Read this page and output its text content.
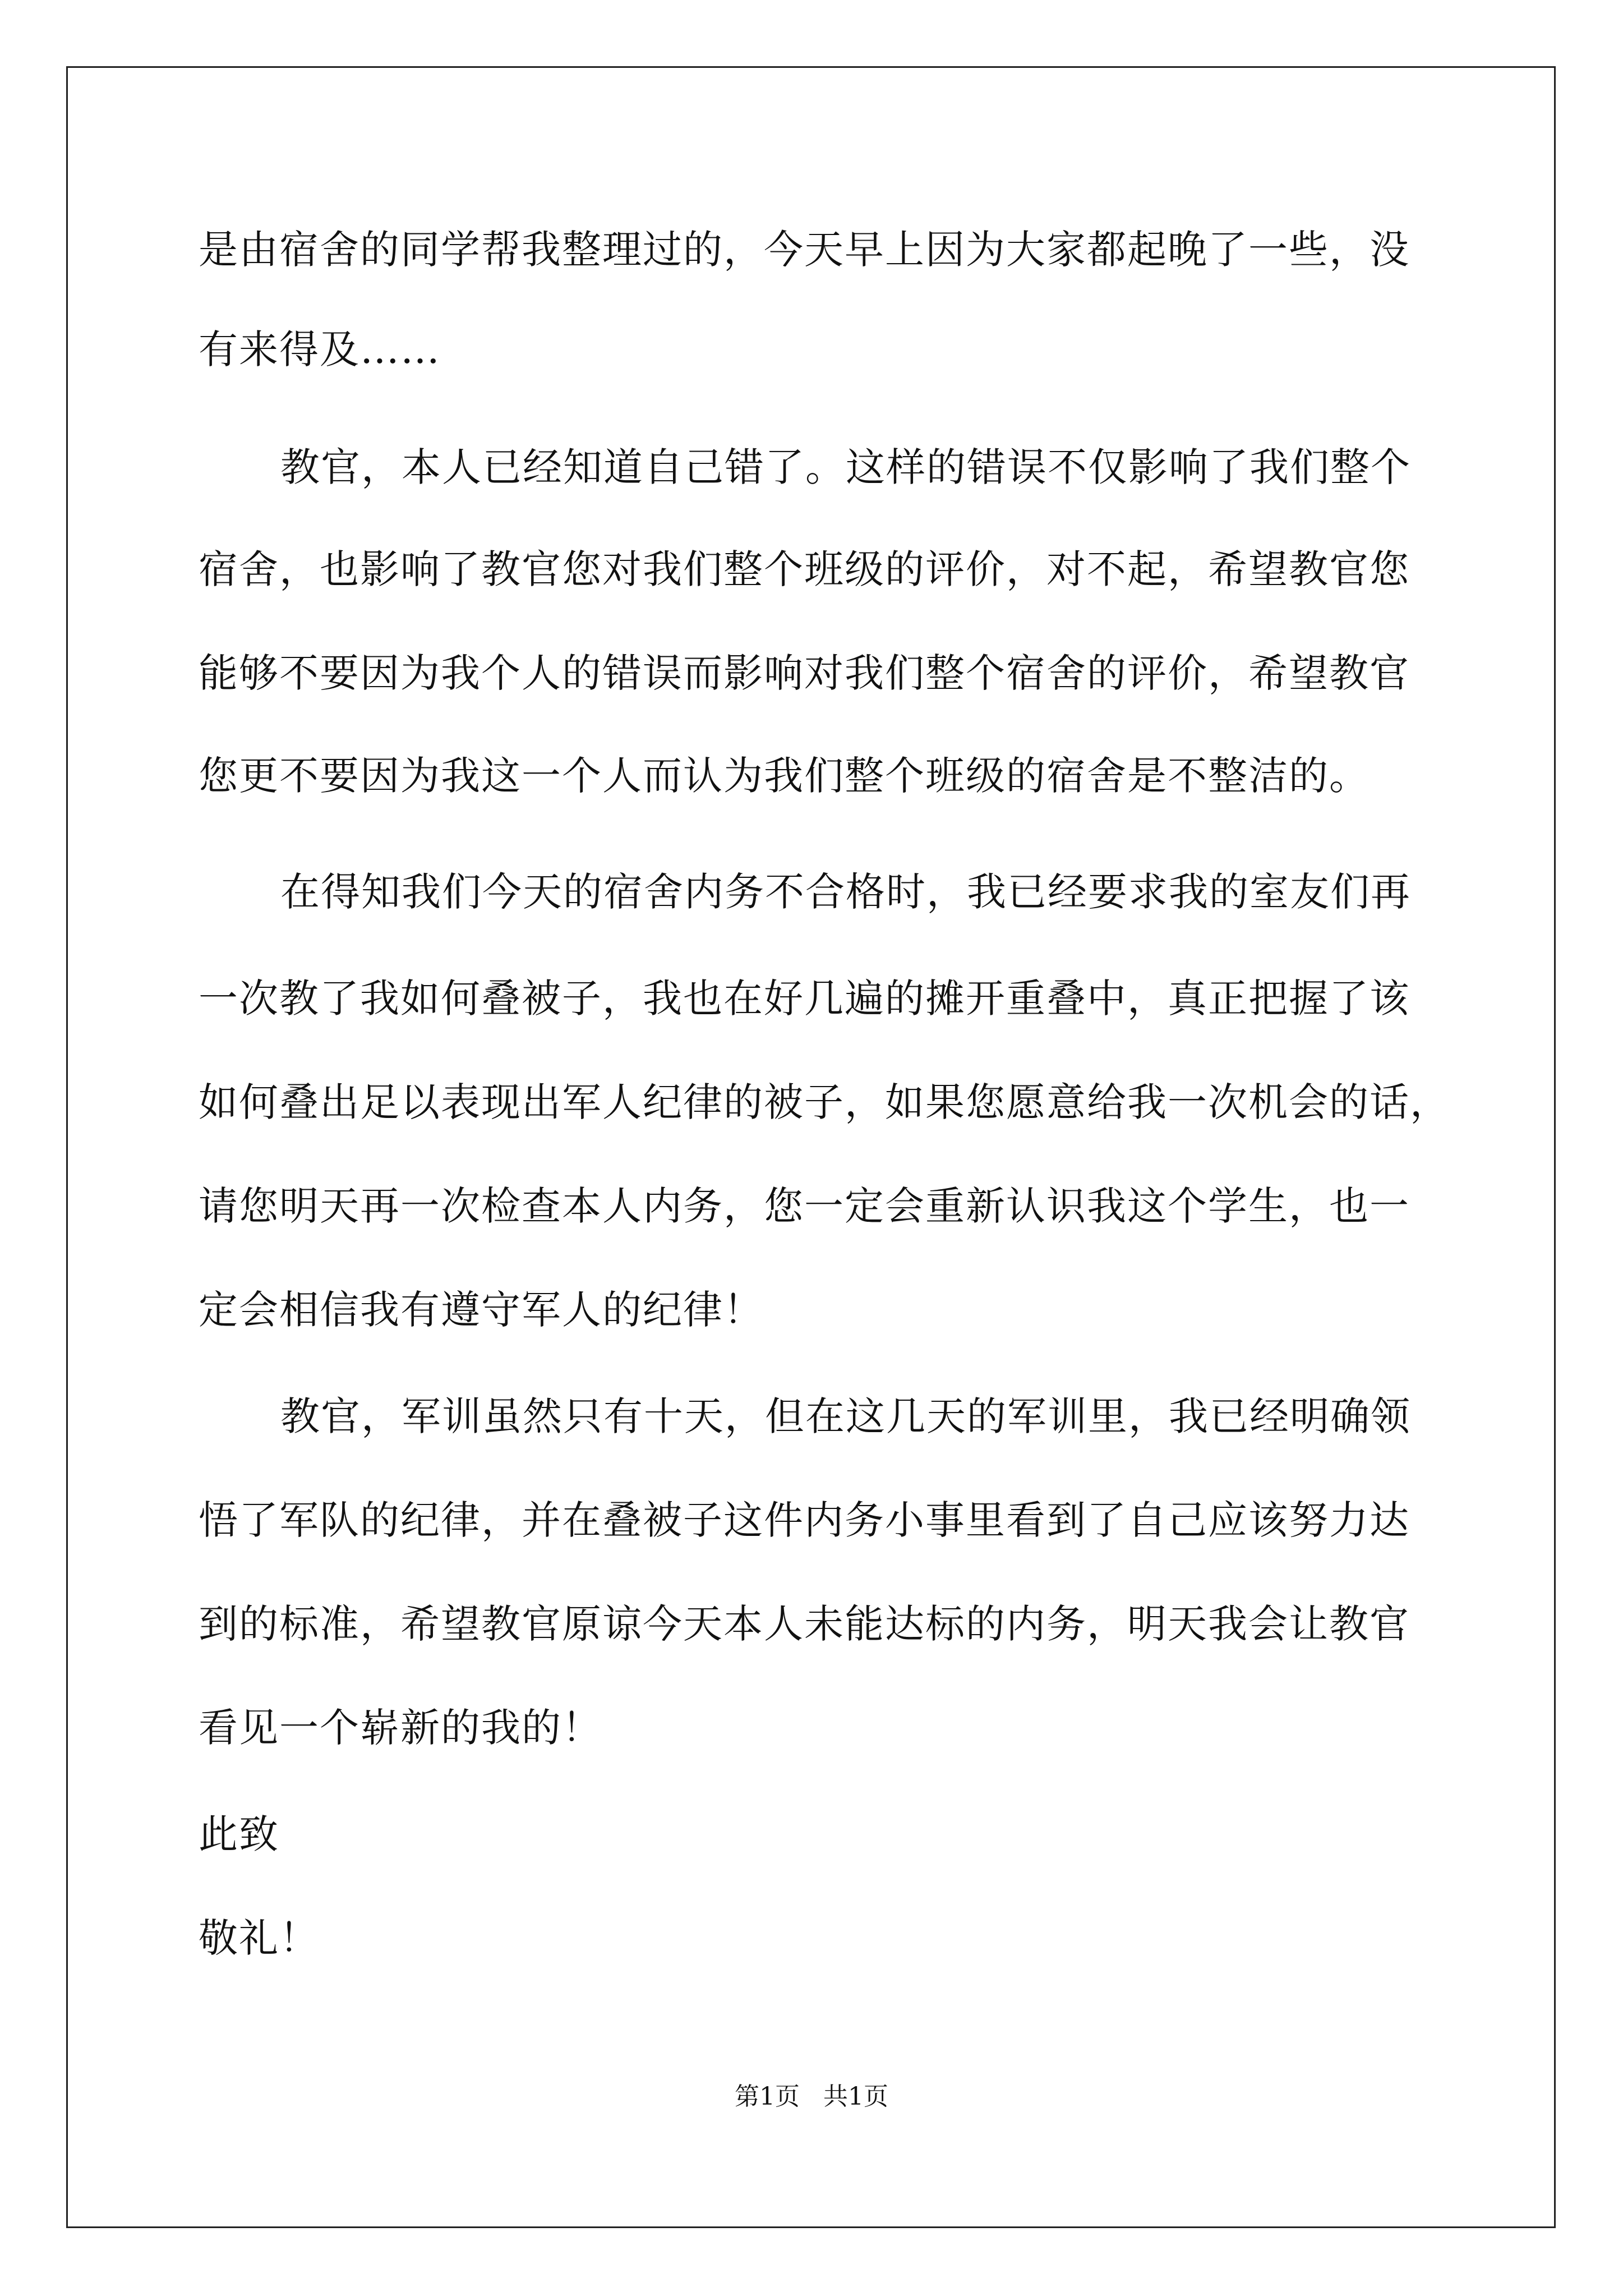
是由宿舍的同学帮我整理过的，今天早上因为大家都起晚了一些，没
有来得及……
教官，本人已经知道自己错了。这样的错误不仅影响了我们整个
宿舍，也影响了教官您对我们整个班级的评价，对不起，希望教官您
能够不要因为我个人的错误而影响对我们整个宿舍的评价，希望教官
您更不要因为我这一个人而认为我们整个班级的宿舍是不整洁的。
在得知我们今天的宿舍内务不合格时，我已经要求我的室友们再
一次教了我如何叠被子，我也在好几遍的摊开重叠中，真正把握了该
如何叠出足以表现出军人纪律的被子，如果您愿意给我一次机会的话，
请您明天再一次检查本人内务，您一定会重新认识我这个学生，也一
定会相信我有遵守军人的纪律！
教官，军训虽然只有十天，但在这几天的军训里，我已经明确领
悟了军队的纪律，并在叠被子这件内务小事里看到了自己应该努力达
到的标准，希望教官原谅今天本人未能达标的内务，明天我会让教官
看见一个崭新的我的！
此致
敬礼！
第1页   共1页
